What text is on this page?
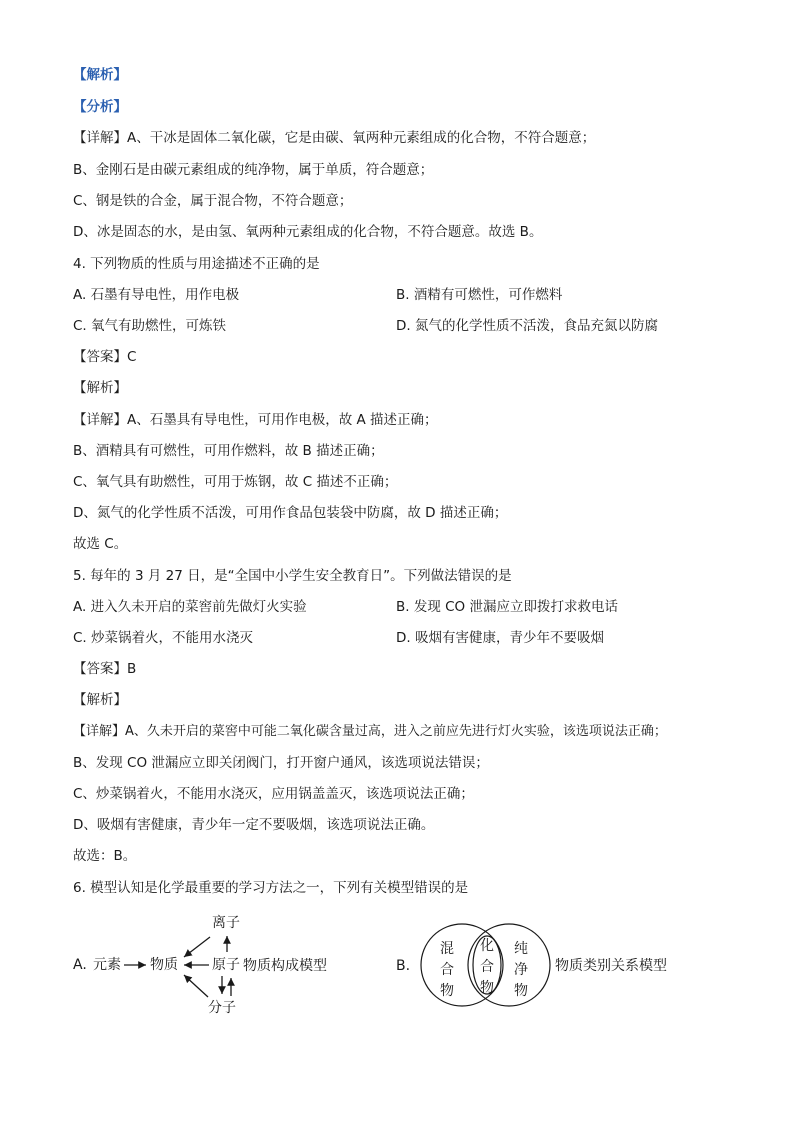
【解析】
【分析】
【详解】A、干冰是固体二氧化碳，它是由碳、氧两种元素组成的化合物，不符合题意；
B、金刚石是由碳元素组成的纯净物，属于单质，符合题意；
C、钢是铁的合金，属于混合物，不符合题意；
D、冰是固态的水，是由氢、氧两种元素组成的化合物，不符合题意。故选 B。
4. 下列物质的性质与用途描述不正确的是
A. 石墨有导电性，用作电极	B. 酒精有可燃性，可作燃料
C. 氧气有助燃性，可炼铁	D. 氮气的化学性质不活泼，食品充氮以防腐
【答案】C
【解析】
【详解】A、石墨具有导电性，可用作电极，故 A 描述正确；
B、酒精具有可燃性，可用作燃料，故 B 描述正确；
C、氧气具有助燃性，可用于炼钢，故 C 描述不正确；
D、氮气的化学性质不活泼，可用作食品包装袋中防腐，故 D 描述正确；
故选 C。
5. 每年的 3 月 27 日，是“全国中小学生安全教育日”。下列做法错误的是
A. 进入久未开启的菜窖前先做灯火实验	B. 发现 CO 泄漏应立即拨打求救电话
C. 炒菜锅着火，不能用水浇灭	D. 吸烟有害健康，青少年不要吸烟
【答案】B
【解析】
【详解】A、久未开启的菜窖中可能二氧化碳含量过高，进入之前应先进行灯火实验，该选项说法正确；
B、发现 CO 泄漏应立即关闭阀门，打开窗户通风，该选项说法错误；
C、炒菜锅着火，不能用水浇灭，应用锅盖盖灭，该选项说法正确；
D、吸烟有害健康，青少年一定不要吸烟，该选项说法正确。
故选：B。
6. 模型认知是化学最重要的学习方法之一，下列有关模型错误的是
A. 元素 物质 原子
离子
分子
物质构成模型	B.
混
合
物
化
合
物
纯
净
物
物质类别关系模型
